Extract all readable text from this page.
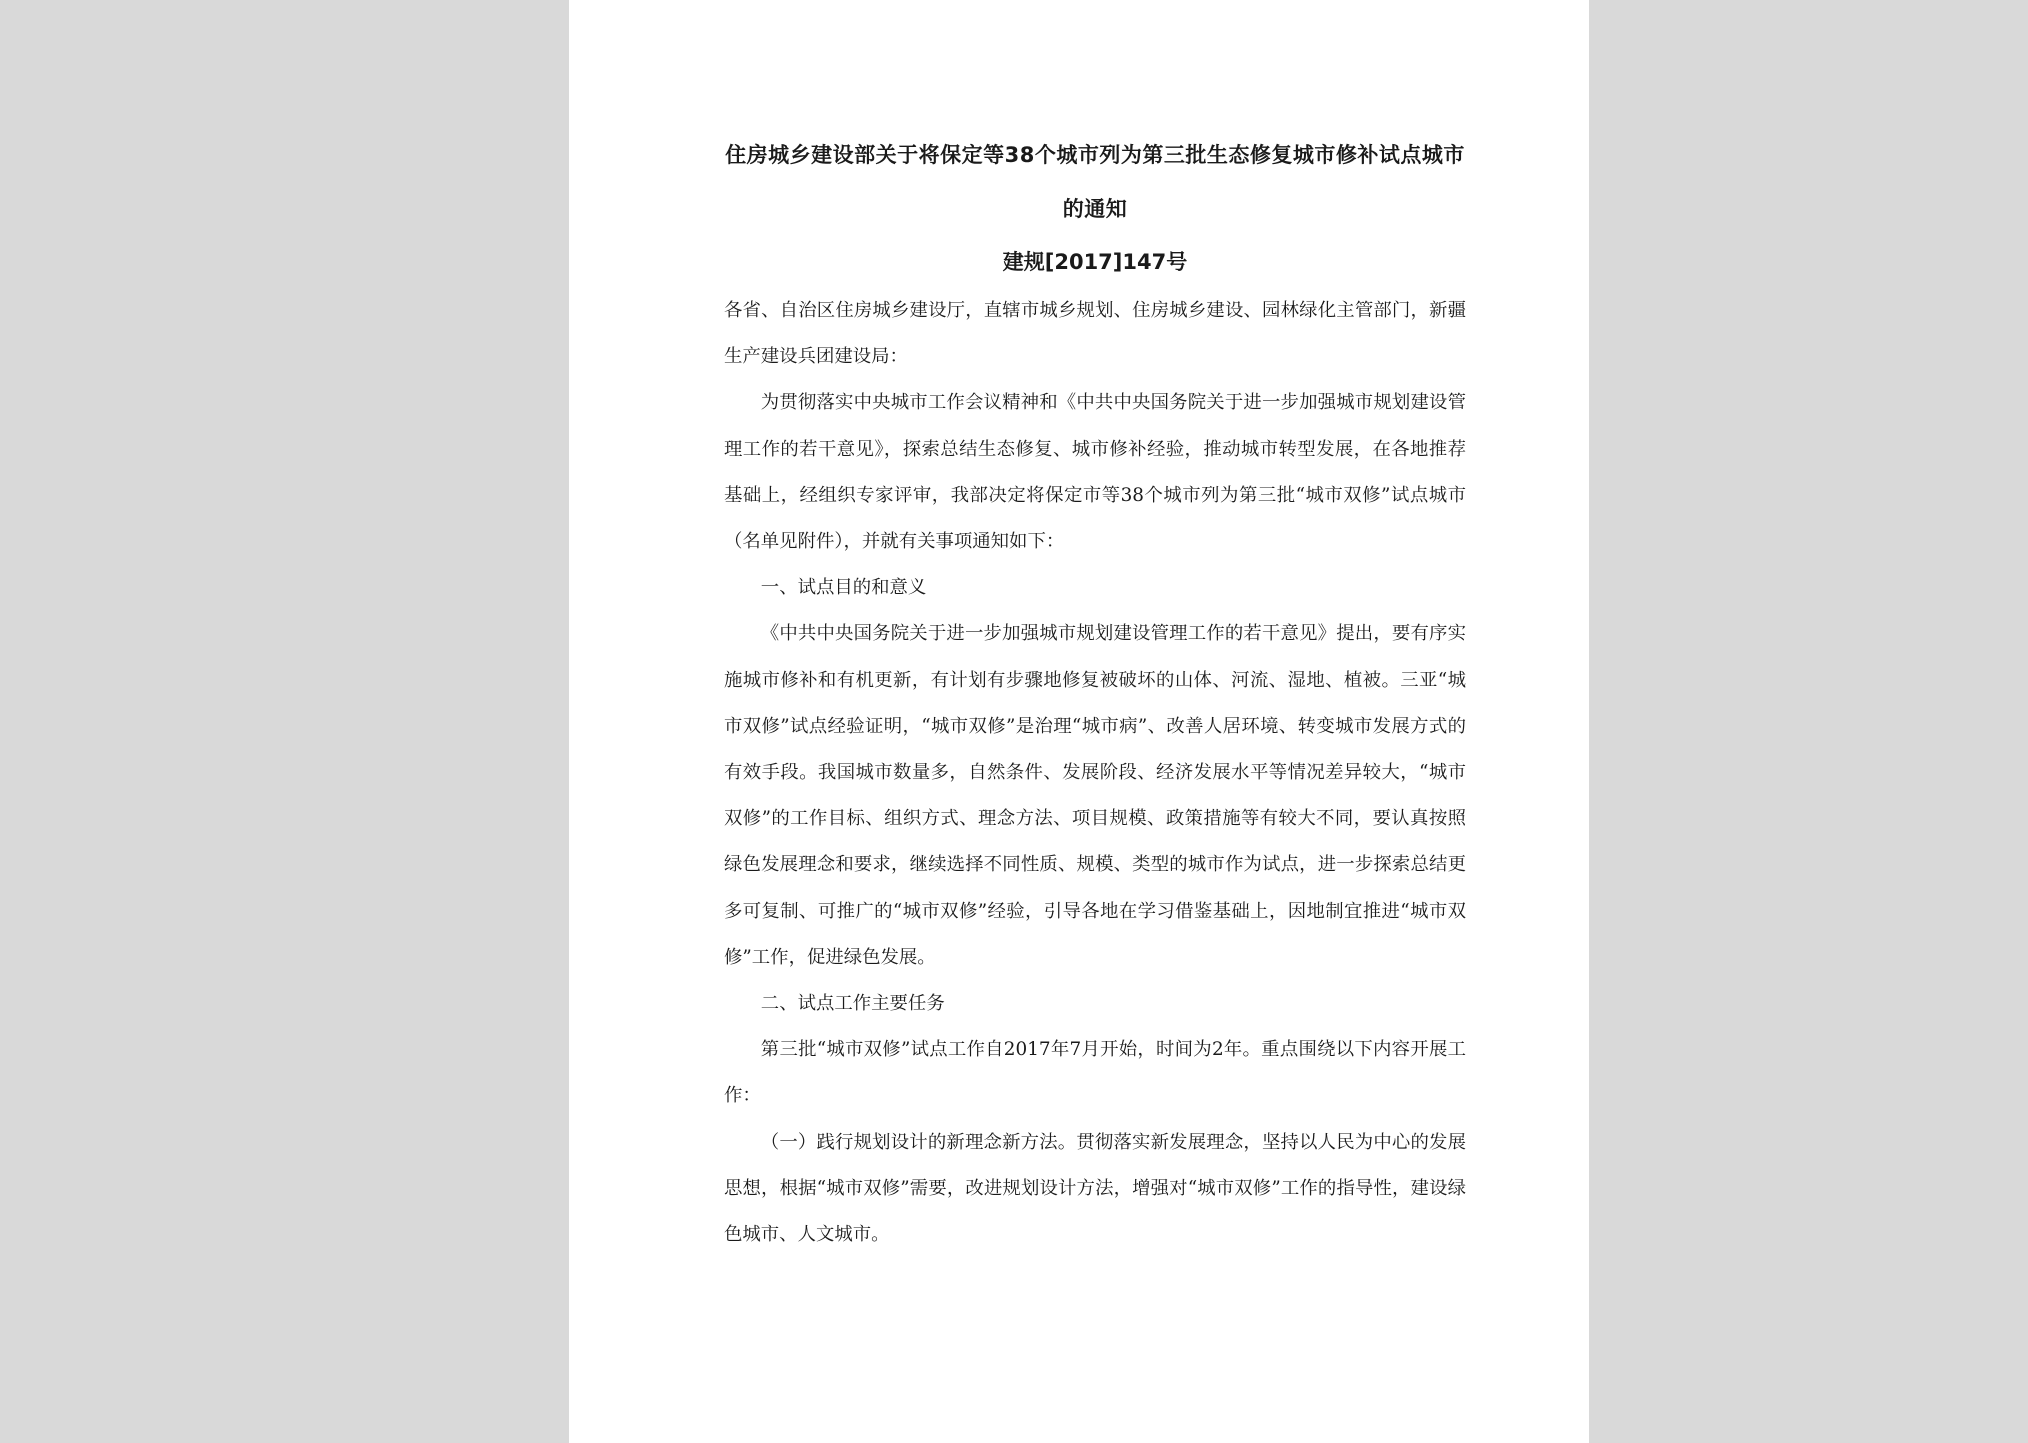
住房城乡建设部关于将保定等38个城市列为第三批生态修复城市修补试点城市的通知

建规[2017]147号

各省、自治区住房城乡建设厅，直辖市城乡规划、住房城乡建设、园林绿化主管部门，新疆生产建设兵团建设局：

为贯彻落实中央城市工作会议精神和《中共中央国务院关于进一步加强城市规划建设管理工作的若干意见》，探索总结生态修复、城市修补经验，推动城市转型发展，在各地推荐基础上，经组织专家评审，我部决定将保定市等38个城市列为第三批“城市双修”试点城市（名单见附件），并就有关事项通知如下：

一、试点目的和意义

《中共中央国务院关于进一步加强城市规划建设管理工作的若干意见》提出，要有序实施城市修补和有机更新，有计划有步骤地修复被破坏的山体、河流、湿地、植被。三亚“城市双修”试点经验证明，“城市双修”是治理“城市病”、改善人居环境、转变城市发展方式的有效手段。我国城市数量多，自然条件、发展阶段、经济发展水平等情况差异较大，“城市双修”的工作目标、组织方式、理念方法、项目规模、政策措施等有较大不同，要认真按照绿色发展理念和要求，继续选择不同性质、规模、类型的城市作为试点，进一步探索总结更多可复制、可推广的“城市双修”经验，引导各地在学习借鉴基础上，因地制宜推进“城市双修”工作，促进绿色发展。

二、试点工作主要任务

第三批“城市双修”试点工作自2017年7月开始，时间为2年。重点围绕以下内容开展工作：

（一）践行规划设计的新理念新方法。贯彻落实新发展理念，坚持以人民为中心的发展思想，根据“城市双修”需要，改进规划设计方法，增强对“城市双修”工作的指导性，建设绿色城市、人文城市。
